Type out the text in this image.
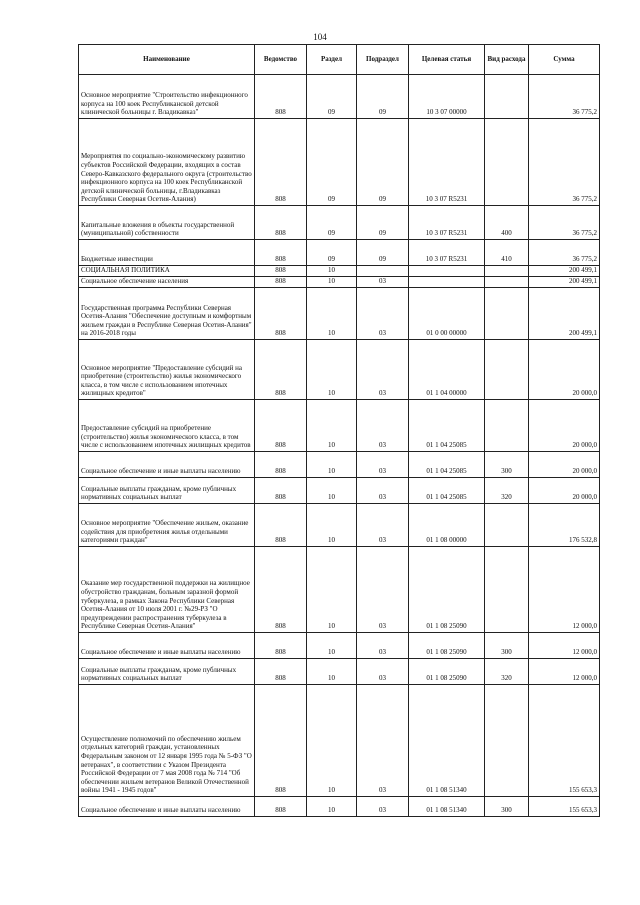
104
Наименование	Ведомство	Раздел	Подраздел	Целевая статья	Вид расхода	Сумма
Основное мероприятие "Строительство инфекционного корпуса на 100 коек Республиканской детской клинической больницы г. Владикавказ"	808	09	09	10 3 07 00000		36 775,2
Мероприятия по социально-экономическому развитию субъектов Российской Федерации, входящих в состав Северо-Кавказского федерального округа (строительство инфекционного корпуса на 100 коек Республиканской детской клинической больницы, г.Владикавказ Республики Северная Осетия-Алания)	808	09	09	10 3 07 R5231		36 775,2
Капитальные вложения в объекты государственной (муниципальной) собственности	808	09	09	10 3 07 R5231	400	36 775,2
Бюджетные инвестиции	808	09	09	10 3 07 R5231	410	36 775,2
СОЦИАЛЬНАЯ ПОЛИТИКА	808	10				200 499,1
Социальное обеспечение населения	808	10	03			200 499,1
Государственная программа Республики Северная Осетия-Алания "Обеспечение доступным и комфортным жильем граждан в Республике Северная Осетия-Алания" на 2016-2018 годы	808	10	03	01 0 00 00000		200 499,1
Основное мероприятие "Предоставление субсидий на приобретение (строительство) жилья экономического класса, в том числе с использованием ипотечных жилищных кредитов"	808	10	03	01 1 04 00000		20 000,0
Предоставление субсидий на приобретение (строительство) жилья экономического класса, в том числе с использованием ипотечных жилищных кредитов	808	10	03	01 1 04 25085		20 000,0
Социальное обеспечение и иные выплаты населению	808	10	03	01 1 04 25085	300	20 000,0
Социальные выплаты гражданам, кроме публичных нормативных социальных выплат	808	10	03	01 1 04 25085	320	20 000,0
Основное мероприятие "Обеспечение жильем, оказание содействия для приобретения жилья отдельными категориями граждан"	808	10	03	01 1 08 00000		176 532,8
Оказание мер государственной поддержки на жилищное обустройство гражданам, больным заразной формой туберкулеза, в рамках Закона Республики Северная Осетия-Алания от 10 июля 2001 г. №29-РЗ "О предупреждении распространения туберкулеза в Республике Северная Осетия-Алания"	808	10	03	01 1 08 25090		12 000,0
Социальное обеспечение и иные выплаты населению	808	10	03	01 1 08 25090	300	12 000,0
Социальные выплаты гражданам, кроме публичных нормативных социальных выплат	808	10	03	01 1 08 25090	320	12 000,0
Осуществление полномочий по обеспечению жильем отдельных категорий граждан, установленных Федеральным законом от 12 января 1995 года № 5-ФЗ "О ветеранах", в соответствии с Указом Президента Российской Федерации от 7 мая 2008 года № 714 "Об обеспечении жильем ветеранов Великой Отечественной войны 1941 - 1945 годов"	808	10	03	01 1 08 51340		155 653,3
Социальное обеспечение и иные выплаты населению	808	10	03	01 1 08 51340	300	155 653,3
